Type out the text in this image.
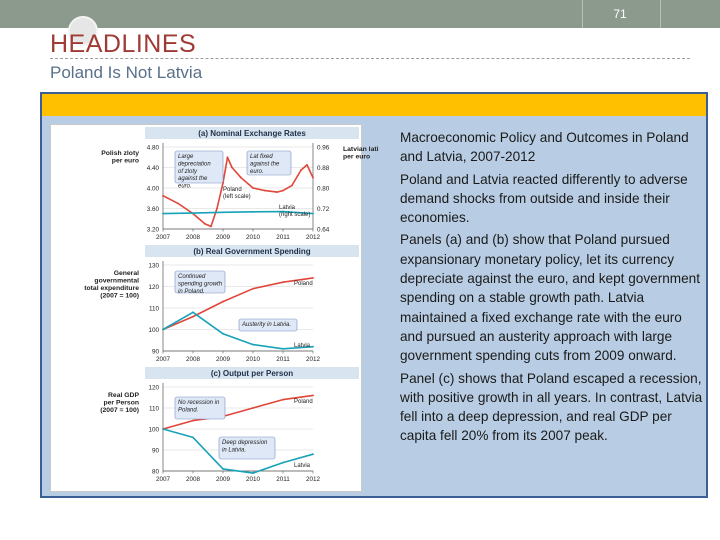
71
HEADLINES
Poland Is Not Latvia
(a) Nominal Exchange Rates
3.20
3.60
4.00
4.40
4.80
0.64
0.72
0.80
0.88
0.96
2007	2008	2009	2010	2011	2012
Polish zloty
per euro
Latvian lati
per euro
(b) Real Government Spending
90
100
110
120
130
2007	2008	2009	2010	2011	2012
General
governmental
total expenditure
(2007 = 100)
(c) Output per Person
80
90
100
110
120
2007	2008	2009	2010	2011	2012
Real GDP
per Person
(2007 = 100)
Poland
(left scale)
Latvia
(right scale)
Poland
Latvia
Poland
Latvia
Large
depreciation
of zloty
against the
euro.
Lat fixed
against the
euro.
Continued
spending growth
in Poland.
Austerity in Latvia.
No recession in
Poland.
Deep depression
in Latvia.

Macroeconomic Policy and Outcomes in Poland and Latvia, 2007-2012

Poland and Latvia reacted differently to adverse demand shocks from outside and inside their economies.

Panels (a) and (b) show that Poland pursued expansionary monetary policy, let its currency depreciate against the euro, and kept government spending on a stable growth path. Latvia maintained a fixed exchange rate with the euro and pursued an austerity approach with large government spending cuts from 2009 onward.

Panel (c) shows that Poland escaped a recession, with positive growth in all years. In contrast, Latvia fell into a deep depression, and real GDP per capita fell 20% from its 2007 peak.
